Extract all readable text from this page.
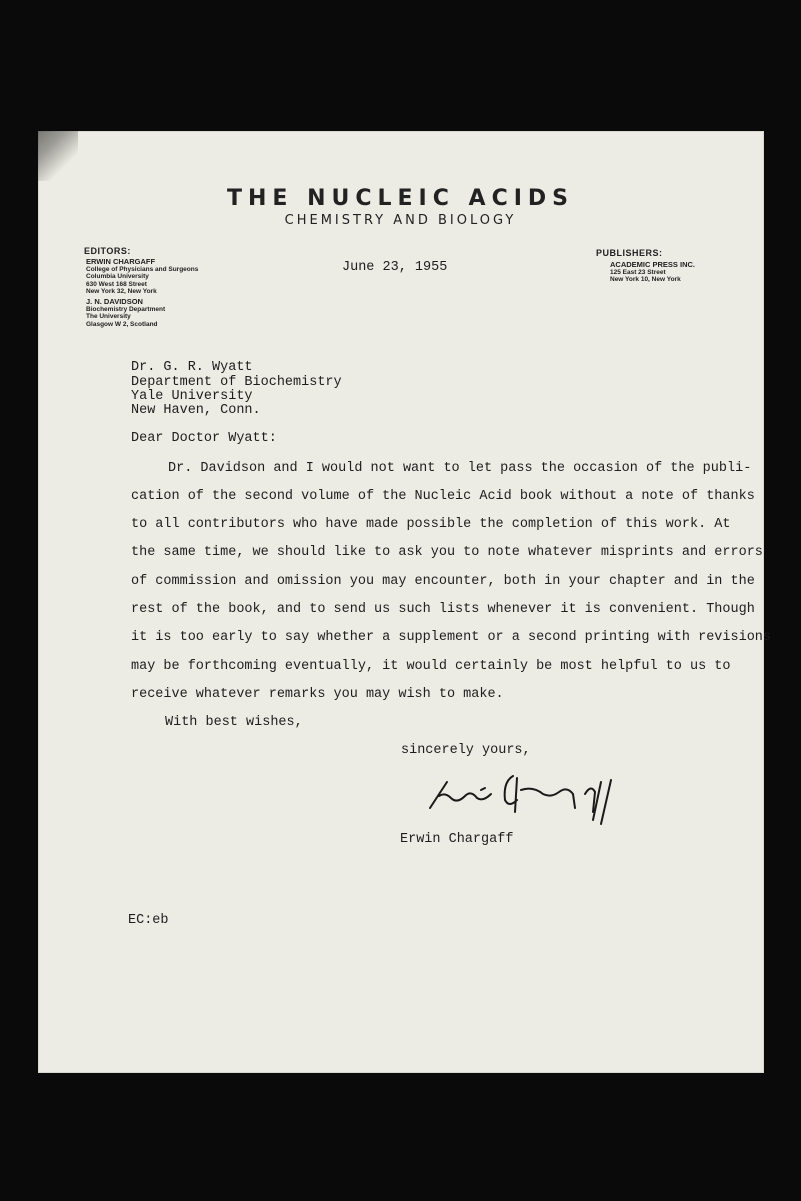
THE NUCLEIC ACIDS
CHEMISTRY AND BIOLOGY
EDITORS:
ERWIN CHARGAFF
College of Physicians and Surgeons
Columbia University
630 West 168 Street
New York 32, New York
J. N. DAVIDSON
Biochemistry Department
The University
Glasgow W 2, Scotland
PUBLISHERS:
ACADEMIC PRESS INC.
125 East 23 Street
New York 10, New York
June 23, 1955
Dr. G. R. Wyatt
Department of Biochemistry
Yale University
New Haven, Conn.
Dear Doctor Wyatt:
Dr. Davidson and I would not want to let pass the occasion of the publi-
cation of the second volume of the Nucleic Acid book without a note of thanks
to all contributors who have made possible the completion of this work. At
the same time, we should like to ask you to note whatever misprints and errors
of commission and omission you may encounter, both in your chapter and in the
rest of the book, and to send us such lists whenever it is convenient. Though
it is too early to say whether a supplement or a second printing with revisions
may be forthcoming eventually, it would certainly be most helpful to us to
receive whatever remarks you may wish to make.
With best wishes,
sincerely yours,
Erwin Chargaff
EC:eb
